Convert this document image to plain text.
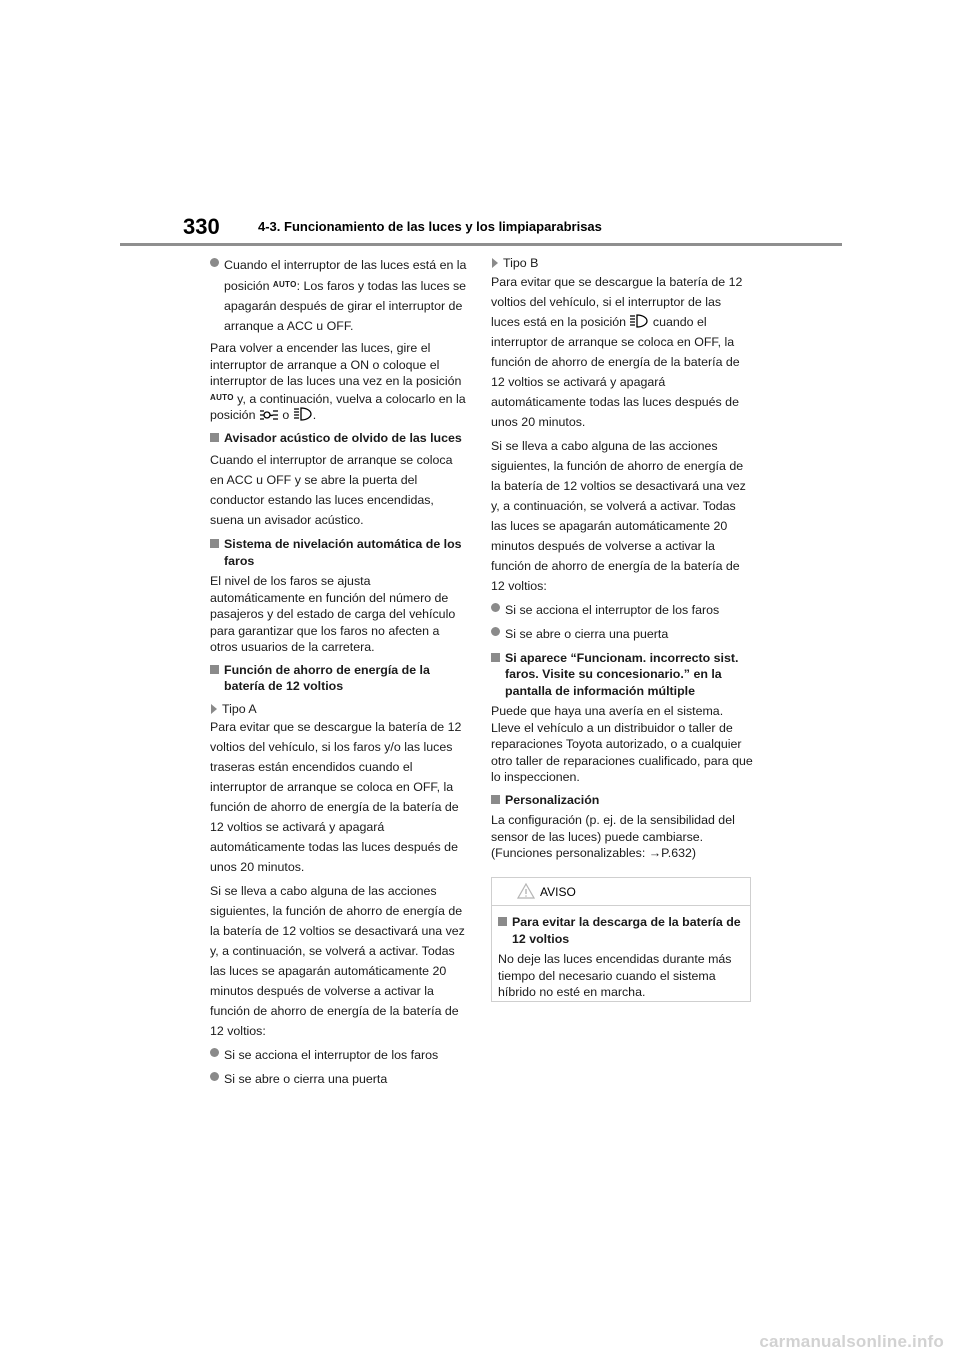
330	4-3. Funcionamiento de las luces y los limpiaparabrisas
Cuando el interruptor de las luces está en la posición $^{AUTO}$: Los faros y todas las luces se apagarán después de girar el interruptor de arranque a ACC u OFF.

Para volver a encender las luces, gire el interruptor de arranque a ON o coloque el interruptor de las luces una vez en la posición $^{AUTO}$ y, a continuación, vuelva a colocarlo en la posición  o .

Avisador acústico de olvido de las luces

Cuando el interruptor de arranque se coloca en ACC u OFF y se abre la puerta del conductor estando las luces encendidas, suena un avisador acústico.

Sistema de nivelación automática de los faros

El nivel de los faros se ajusta automáticamente en función del número de pasajeros y del estado de carga del vehículo para garantizar que los faros no afecten a otros usuarios de la carretera.

Función de ahorro de energía de la batería de 12 voltios
Tipo A

Para evitar que se descargue la batería de 12 voltios del vehículo, si los faros y/o las luces traseras están encendidos cuando el interruptor de arranque se coloca en OFF, la función de ahorro de energía de la batería de 12 voltios se activará y apagará automáticamente todas las luces después de unos 20 minutos.

Si se lleva a cabo alguna de las acciones siguientes, la función de ahorro de energía de la batería de 12 voltios se desactivará una vez y, a continuación, se volverá a activar. Todas las luces se apagarán automáticamente 20 minutos después de volverse a activar la función de ahorro de energía de la batería de 12 voltios:

Si se acciona el interruptor de los faros
Si se abre o cierra una puerta
Tipo B

Para evitar que se descargue la batería de 12 voltios del vehículo, si el interruptor de las luces está en la posición  cuando el interruptor de arranque se coloca en OFF, la función de ahorro de energía de la batería de 12 voltios se activará y apagará automáticamente todas las luces después de unos 20 minutos.

Si se lleva a cabo alguna de las acciones siguientes, la función de ahorro de energía de la batería de 12 voltios se desactivará una vez y, a continuación, se volverá a activar. Todas las luces se apagarán automáticamente 20 minutos después de volverse a activar la función de ahorro de energía de la batería de 12 voltios:

Si se acciona el interruptor de los faros
Si se abre o cierra una puerta
Si aparece “Funcionam. incorrecto sist. faros. Visite su concesionario.” en la pantalla de información múltiple

Puede que haya una avería en el sistema. Lleve el vehículo a un distribuidor o taller de reparaciones Toyota autorizado, o a cualquier otro taller de reparaciones cualificado, para que lo inspeccionen.

Personalización

La configuración (p. ej. de la sensibilidad del sensor de las luces) puede cambiarse. (Funciones personalizables: →P.632)

AVISO
Para evitar la descarga de la batería de 12 voltios

No deje las luces encendidas durante más tiempo del necesario cuando el sistema híbrido no esté en marcha.

carmanualsonline.info
